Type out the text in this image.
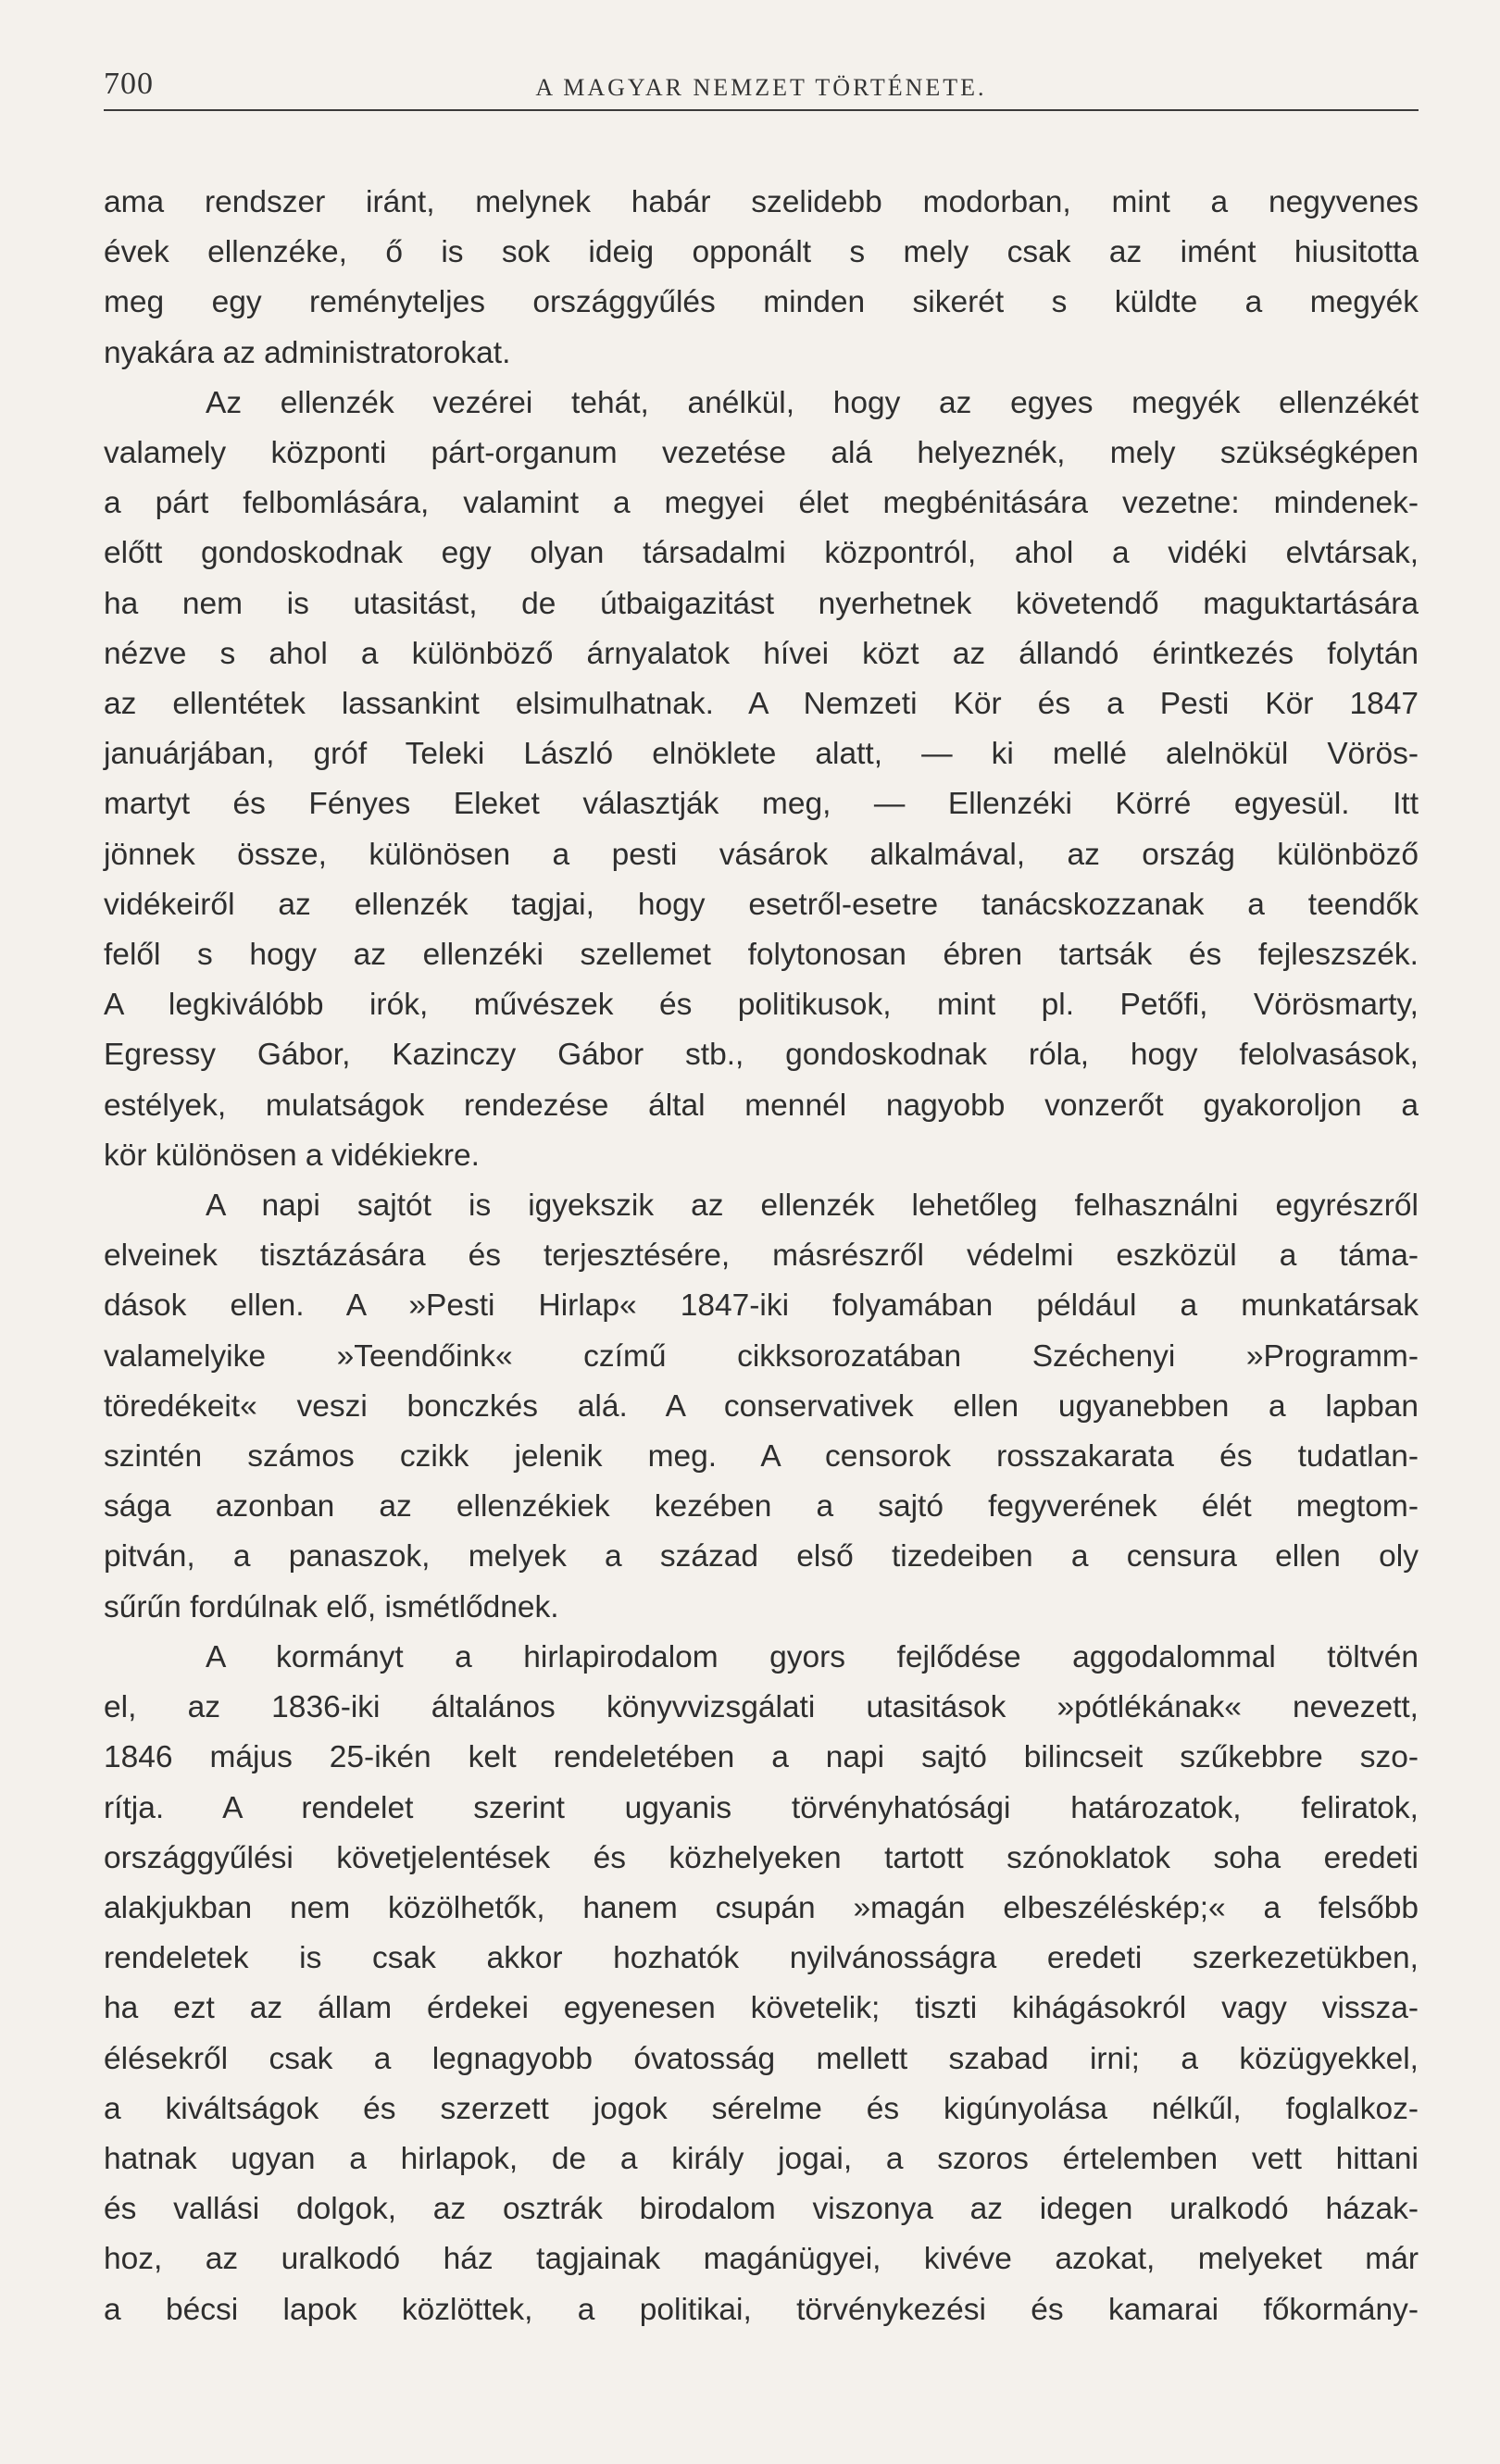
700	A MAGYAR NEMZET TÖRTÉNETE.
ama rendszer iránt, melynek habár szelidebb modorban, mint a negyvenes
évek ellenzéke, ő is sok ideig opponált s mely csak az imént hiusitotta
meg egy reményteljes országgyűlés minden sikerét s küldte a megyék
nyakára az administratorokat.
Az ellenzék vezérei tehát, anélkül, hogy az egyes megyék ellenzékét
valamely központi párt-organum vezetése alá helyeznék, mely szükségképen
a párt felbomlására, valamint a megyei élet megbénitására vezetne: mindenek-
előtt gondoskodnak egy olyan társadalmi központról, ahol a vidéki elvtársak,
ha nem is utasitást, de útbaigazitást nyerhetnek követendő maguktartására
nézve s ahol a különböző árnyalatok hívei közt az állandó érintkezés folytán
az ellentétek lassankint elsimulhatnak. A Nemzeti Kör és a Pesti Kör 1847
januárjában, gróf Teleki László elnöklete alatt, — ki mellé alelnökül Vörös-
martyt és Fényes Eleket választják meg, — Ellenzéki Körré egyesül. Itt
jönnek össze, különösen a pesti vásárok alkalmával, az ország különböző
vidékeiről az ellenzék tagjai, hogy esetről-esetre tanácskozzanak a teendők
felől s hogy az ellenzéki szellemet folytonosan ébren tartsák és fejleszszék.
A legkiválóbb irók, művészek és politikusok, mint pl. Petőfi, Vörösmarty,
Egressy Gábor, Kazinczy Gábor stb., gondoskodnak róla, hogy felolvasások,
estélyek, mulatságok rendezése által mennél nagyobb vonzerőt gyakoroljon a
kör különösen a vidékiekre.
A napi sajtót is igyekszik az ellenzék lehetőleg felhasználni egyrészről
elveinek tisztázására és terjesztésére, másrészről védelmi eszközül a táma-
dások ellen. A »Pesti Hirlap« 1847-iki folyamában például a munkatársak
valamelyike »Teendőink« czímű cikksorozatában Széchenyi »Programm-
töredékeit« veszi bonczkés alá. A conservativek ellen ugyanebben a lapban
szintén számos czikk jelenik meg. A censorok rosszakarata és tudatlan-
sága azonban az ellenzékiek kezében a sajtó fegyverének élét megtom-
pitván, a panaszok, melyek a század első tizedeiben a censura ellen oly
sűrűn fordúlnak elő, ismétlődnek.
A kormányt a hirlapirodalom gyors fejlődése aggodalommal töltvén
el, az 1836-iki általános könyvvizsgálati utasitások »pótlékának« nevezett,
1846 május 25-ikén kelt rendeletében a napi sajtó bilincseit szűkebbre szo-
rítja. A rendelet szerint ugyanis törvényhatósági határozatok, feliratok,
országgyűlési követjelentések és közhelyeken tartott szónoklatok soha eredeti
alakjukban nem közölhetők, hanem csupán »magán elbeszéléskép;« a felsőbb
rendeletek is csak akkor hozhatók nyilvánosságra eredeti szerkezetükben,
ha ezt az állam érdekei egyenesen követelik; tiszti kihágásokról vagy vissza-
élésekről csak a legnagyobb óvatosság mellett szabad irni; a közügyekkel,
a kiváltságok és szerzett jogok sérelme és kigúnyolása nélkűl, foglalkoz-
hatnak ugyan a hirlapok, de a király jogai, a szoros értelemben vett hittani
és vallási dolgok, az osztrák birodalom viszonya az idegen uralkodó házak-
hoz, az uralkodó ház tagjainak magánügyei, kivéve azokat, melyeket már
a bécsi lapok közlöttek, a politikai, törvénykezési és kamarai főkormány-
